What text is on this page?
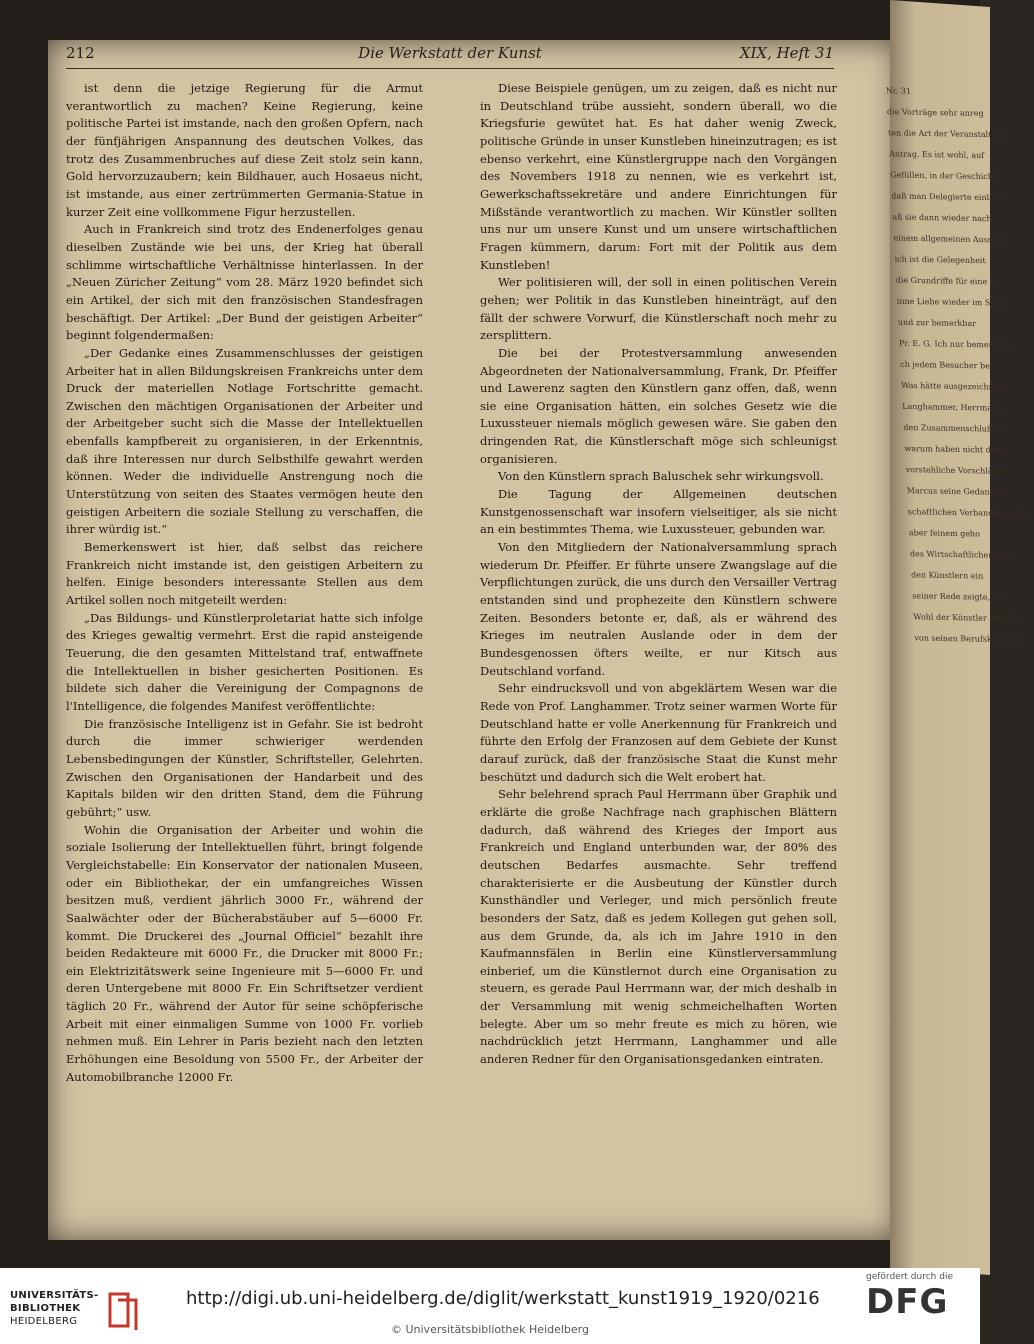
Nr. 31
die Vorträge sehr anreg
ten die Art der Veranstaltung
Antrag. Es ist wohl, auf
Gefüllen, in der Geschichte
daß man Delegierte einlade
aß sie dann wieder nach
einem allgemeinen Ausspra
ich ist die Gelegenheit
die Grundriffe für eine O
inne Liebe wieder im Sinne
und zur bemerkbar
Pr. E. G. Ich nur bemerkbar
ch jedem Besucher be
Was hätte ausgezeichnete
Langhammer, Herrmann,
den Zusammenschluß aus
warum haben nicht diese
vorstehliche Vorschläge
Marcus seine Gedanken
schaftlichen Verbandes in die
aber feinem geho
des Wirtschaftlichen Verb
den Künstlern ein
seiner Rede zeigte, daß
Wohl der Künstler begrüß
von seinen Berufskollegen
212	Die Werkstatt der Kunst	XIX, Heft 31

ist denn die jetzige Regierung für die Armut verantwortlich zu machen? Keine Regierung, keine politische Partei ist imstande, nach den großen Opfern, nach der fünfjährigen Anspannung des deutschen Volkes, das trotz des Zusammenbruches auf diese Zeit stolz sein kann, Gold hervorzuzaubern; kein Bildhauer, auch Hosaeus nicht, ist imstande, aus einer zertrümmerten Germania-Statue in kurzer Zeit eine vollkommene Figur herzustellen.

Auch in Frankreich sind trotz des Endenerfolges genau dieselben Zustände wie bei uns, der Krieg hat überall schlimme wirtschaftliche Verhältnisse hinterlassen. In der „Neuen Züricher Zeitung“ vom 28. März 1920 befindet sich ein Artikel, der sich mit den französischen Standesfragen beschäftigt. Der Artikel: „Der Bund der geistigen Arbeiter“ beginnt folgendermaßen:

„Der Gedanke eines Zusammenschlusses der geistigen Arbeiter hat in allen Bildungskreisen Frankreichs unter dem Druck der materiellen Notlage Fortschritte gemacht. Zwischen den mächtigen Organisationen der Arbeiter und der Arbeitgeber sucht sich die Masse der Intellektuellen ebenfalls kampfbereit zu organisieren, in der Erkenntnis, daß ihre Interessen nur durch Selbsthilfe gewahrt werden können. Weder die individuelle Anstrengung noch die Unterstützung von seiten des Staates vermögen heute den geistigen Arbeitern die soziale Stellung zu verschaffen, die ihrer würdig ist.“

Bemerkenswert ist hier, daß selbst das reichere Frankreich nicht imstande ist, den geistigen Arbeitern zu helfen. Einige besonders interessante Stellen aus dem Artikel sollen noch mitgeteilt werden:

„Das Bildungs- und Künstlerproletariat hatte sich infolge des Krieges gewaltig vermehrt. Erst die rapid ansteigende Teuerung, die den gesamten Mittelstand traf, entwaffnete die Intellektuellen in bisher gesicherten Positionen. Es bildete sich daher die Vereinigung der Compagnons de l'Intelligence, die folgendes Manifest veröffentlichte:

Die französische Intelligenz ist in Gefahr. Sie ist bedroht durch die immer schwieriger werdenden Lebensbedingungen der Künstler, Schriftsteller, Gelehrten. Zwischen den Organisationen der Handarbeit und des Kapitals bilden wir den dritten Stand, dem die Führung gebührt;“ usw.

Wohin die Organisation der Arbeiter und wohin die soziale Isolierung der Intellektuellen führt, bringt folgende Vergleichstabelle: Ein Konservator der nationalen Museen, oder ein Bibliothekar, der ein umfangreiches Wissen besitzen muß, verdient jährlich 3000 Fr., während der Saalwächter oder der Bücherabstäuber auf 5—6000 Fr. kommt. Die Druckerei des „Journal Officiel“ bezahlt ihre beiden Redakteure mit 6000 Fr., die Drucker mit 8000 Fr.; ein Elektrizitätswerk seine Ingenieure mit 5—6000 Fr. und deren Untergebene mit 8000 Fr. Ein Schriftsetzer verdient täglich 20 Fr., während der Autor für seine schöpferische Arbeit mit einer einmaligen Summe von 1000 Fr. vorlieb nehmen muß. Ein Lehrer in Paris bezieht nach den letzten Erhöhungen eine Besoldung von 5500 Fr., der Arbeiter der Automobilbranche 12000 Fr.

Diese Beispiele genügen, um zu zeigen, daß es nicht nur in Deutschland trübe aussieht, sondern überall, wo die Kriegsfurie gewütet hat. Es hat daher wenig Zweck, politische Gründe in unser Kunstleben hineinzutragen; es ist ebenso verkehrt, eine Künstlergruppe nach den Vorgängen des Novembers 1918 zu nennen, wie es verkehrt ist, Gewerkschaftssekretäre und andere Einrichtungen für Mißstände verantwortlich zu machen. Wir Künstler sollten uns nur um unsere Kunst und um unsere wirtschaftlichen Fragen kümmern, darum: Fort mit der Politik aus dem Kunstleben!

Wer politisieren will, der soll in einen politischen Verein gehen; wer Politik in das Kunstleben hineinträgt, auf den fällt der schwere Vorwurf, die Künstlerschaft noch mehr zu zersplittern.

Die bei der Protestversammlung anwesenden Abgeordneten der Nationalversammlung, Frank, Dr. Pfeiffer und Lawerenz sagten den Künstlern ganz offen, daß, wenn sie eine Organisation hätten, ein solches Gesetz wie die Luxussteuer niemals möglich gewesen wäre. Sie gaben den dringenden Rat, die Künstlerschaft möge sich schleunigst organisieren.

Von den Künstlern sprach Baluschek sehr wirkungsvoll.

Die Tagung der Allgemeinen deutschen Kunstgenossenschaft war insofern vielseitiger, als sie nicht an ein bestimmtes Thema, wie Luxussteuer, gebunden war.

Von den Mitgliedern der Nationalversammlung sprach wiederum Dr. Pfeiffer. Er führte unsere Zwangslage auf die Verpflichtungen zurück, die uns durch den Versailler Vertrag entstanden sind und prophezeite den Künstlern schwere Zeiten. Besonders betonte er, daß, als er während des Krieges im neutralen Auslande oder in dem der Bundesgenossen öfters weilte, er nur Kitsch aus Deutschland vorfand.

Sehr eindrucksvoll und von abgeklärtem Wesen war die Rede von Prof. Langhammer. Trotz seiner warmen Worte für Deutschland hatte er volle Anerkennung für Frankreich und führte den Erfolg der Franzosen auf dem Gebiete der Kunst darauf zurück, daß der französische Staat die Kunst mehr beschützt und dadurch sich die Welt erobert hat.

Sehr belehrend sprach Paul Herrmann über Graphik und erklärte die große Nachfrage nach graphischen Blättern dadurch, daß während des Krieges der Import aus Frankreich und England unterbunden war, der 80% des deutschen Bedarfes ausmachte. Sehr treffend charakterisierte er die Ausbeutung der Künstler durch Kunsthändler und Verleger, und mich persönlich freute besonders der Satz, daß es jedem Kollegen gut gehen soll, aus dem Grunde, da, als ich im Jahre 1910 in den Kaufmannsfälen in Berlin eine Künstlerversammlung einberief, um die Künstlernot durch eine Organisation zu steuern, es gerade Paul Herrmann war, der mich deshalb in der Versammlung mit wenig schmeichelhaften Worten belegte. Aber um so mehr freute es mich zu hören, wie nachdrücklich jetzt Herrmann, Langhammer und alle anderen Redner für den Organisationsgedanken eintraten.

UNIVERSITÄTS-
BIBLIOTHEK
HEIDELBERG
http://digi.ub.uni-heidelberg.de/diglit/werkstatt_kunst1919_1920/0216
© Universitätsbibliothek Heidelberg
gefördert durch die
DFG
